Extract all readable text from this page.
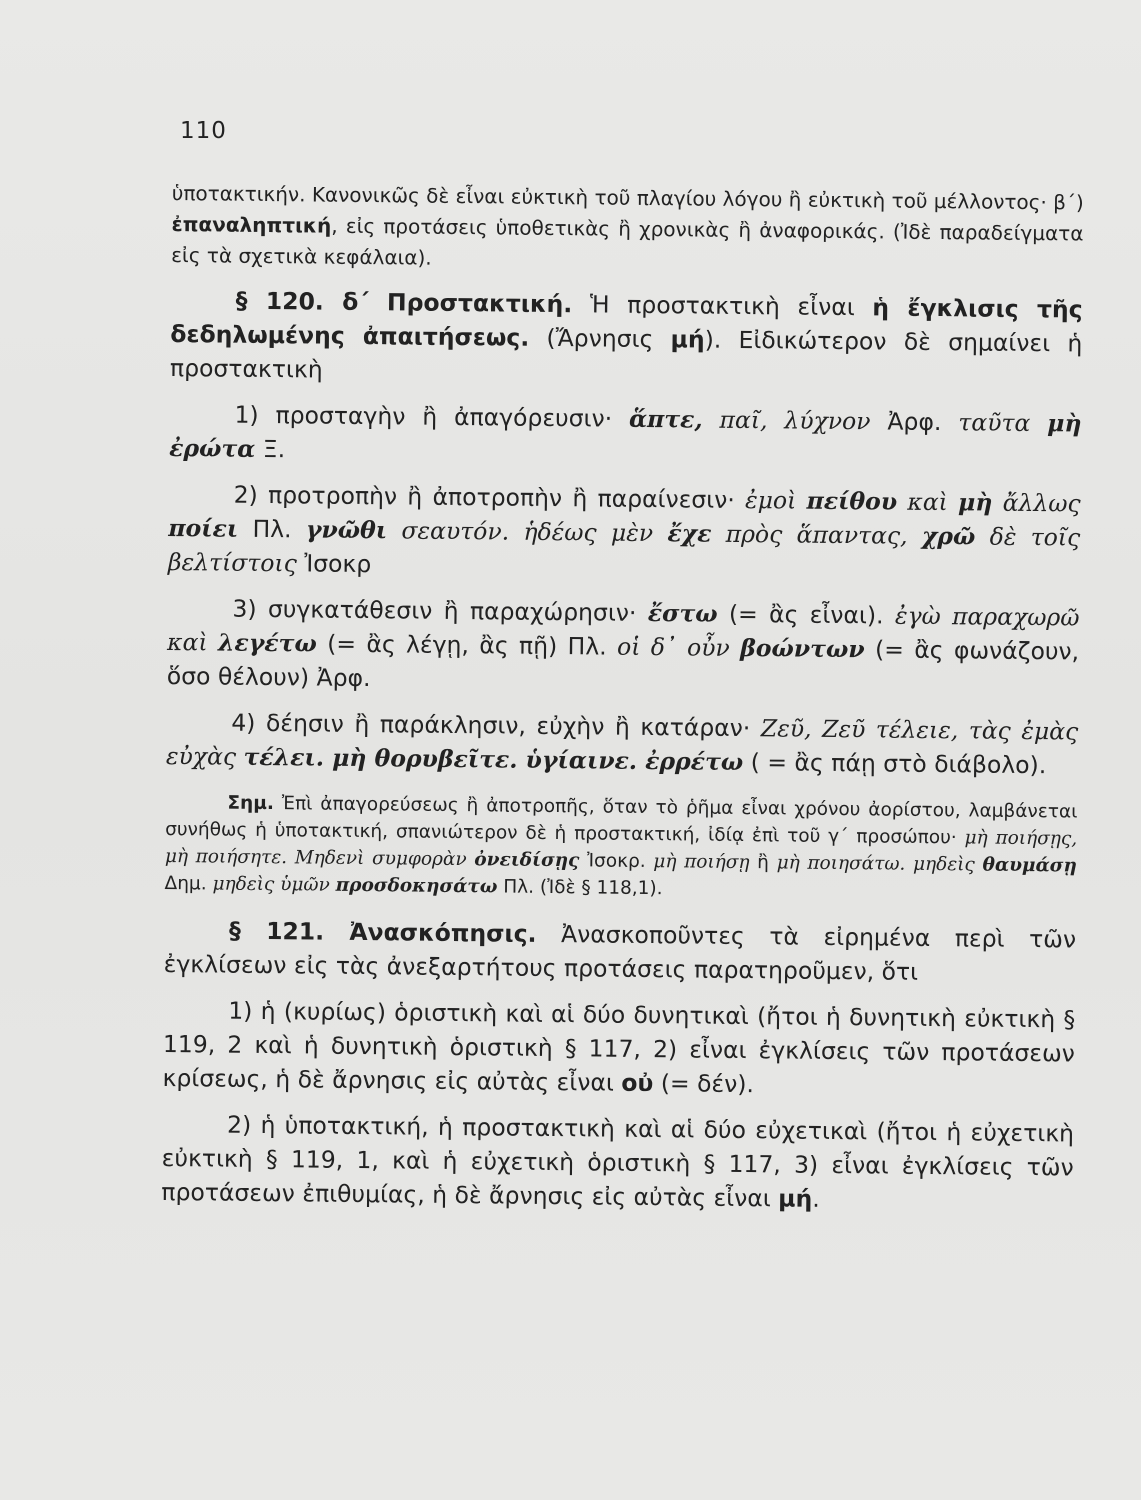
110

ὑποτακτικήν. Κανονικῶς δὲ εἶναι εὐκτικὴ τοῦ πλαγίου λόγου ἢ εὐκτικὴ τοῦ μέλλοντος· β΄) ἐπαναληπτική, εἰς προτάσεις ὑποθετικὰς ἢ χρονικὰς ἢ ἀναφορικάς. (Ἰδὲ παραδείγματα εἰς τὰ σχετικὰ κεφάλαια).

§ 120. δ΄ Προστακτική. Ἡ προστακτικὴ εἶναι ἡ ἔγκλισις τῆς δεδηλωμένης ἀπαιτήσεως. (Ἄρνησις μή). Εἰδικώτερον δὲ σημαίνει ἡ προστακτικὴ

1) προσταγὴν ἢ ἀπαγόρευσιν· ἅπτε, παῖ, λύχνον Ἀρφ. ταῦτα μὴ ἐρώτα Ξ.

2) προτροπὴν ἢ ἀποτροπὴν ἢ παραίνεσιν· ἐμοὶ πείθου καὶ μὴ ἄλλως ποίει Πλ. γνῶθι σεαυτόν. ἡδέως μὲν ἔχε πρὸς ἅπαντας, χρῶ δὲ τοῖς βελτίστοις Ἰσοκρ

3) συγκατάθεσιν ἢ παραχώρησιν· ἔστω (= ἂς εἶναι). ἐγὼ παραχωρῶ καὶ λεγέτω (= ἂς λέγῃ, ἂς πῇ) Πλ. οἱ δ᾽ οὖν βοώντων (= ἂς φωνάζουν, ὅσο θέλουν) Ἀρφ.

4) δέησιν ἢ παράκλησιν, εὐχὴν ἢ κατάραν· Ζεῦ, Ζεῦ τέλειε, τὰς ἐμὰς εὐχὰς τέλει. μὴ θορυβεῖτε. ὑγίαινε. ἐρρέτω ( = ἂς πάῃ στὸ διάβολο).

Σημ. Ἐπὶ ἀπαγορεύσεως ἢ ἀποτροπῆς, ὅταν τὸ ῥῆμα εἶναι χρόνου ἀορίστου, λαμβάνεται συνήθως ἡ ὑποτακτική, σπανιώτερον δὲ ἡ προστακτική, ἰδίᾳ ἐπὶ τοῦ γ΄ προσώπου· μὴ ποιήσῃς, μὴ ποιήσητε. Μηδενὶ συμφορὰν ὀνειδίσῃς Ἰσοκρ. μὴ ποιήσῃ ἢ μὴ ποιησάτω. μηδεὶς θαυμάσῃ Δημ. μηδεὶς ὑμῶν προσδοκησάτω Πλ. (Ἰδὲ § 118,1).

§ 121. Ἀνασκόπησις. Ἀνασκοποῦντες τὰ εἰρημένα περὶ τῶν ἐγκλίσεων εἰς τὰς ἀνεξαρτήτους προτάσεις παρατηροῦμεν, ὅτι

1) ἡ (κυρίως) ὁριστικὴ καὶ αἱ δύο δυνητικαὶ (ἤτοι ἡ δυνητικὴ εὐκτικὴ § 119, 2 καὶ ἡ δυνητικὴ ὁριστικὴ § 117, 2) εἶναι ἐγκλίσεις τῶν προτάσεων κρίσεως, ἡ δὲ ἄρνησις εἰς αὐτὰς εἶναι οὐ (= δέν).

2) ἡ ὑποτακτική, ἡ προστακτικὴ καὶ αἱ δύο εὐχετικαὶ (ἤτοι ἡ εὐχετικὴ εὐκτικὴ § 119, 1, καὶ ἡ εὐχετικὴ ὁριστικὴ § 117, 3) εἶναι ἐγκλίσεις τῶν προτάσεων ἐπιθυμίας, ἡ δὲ ἄρνησις εἰς αὐτὰς εἶναι μή.
